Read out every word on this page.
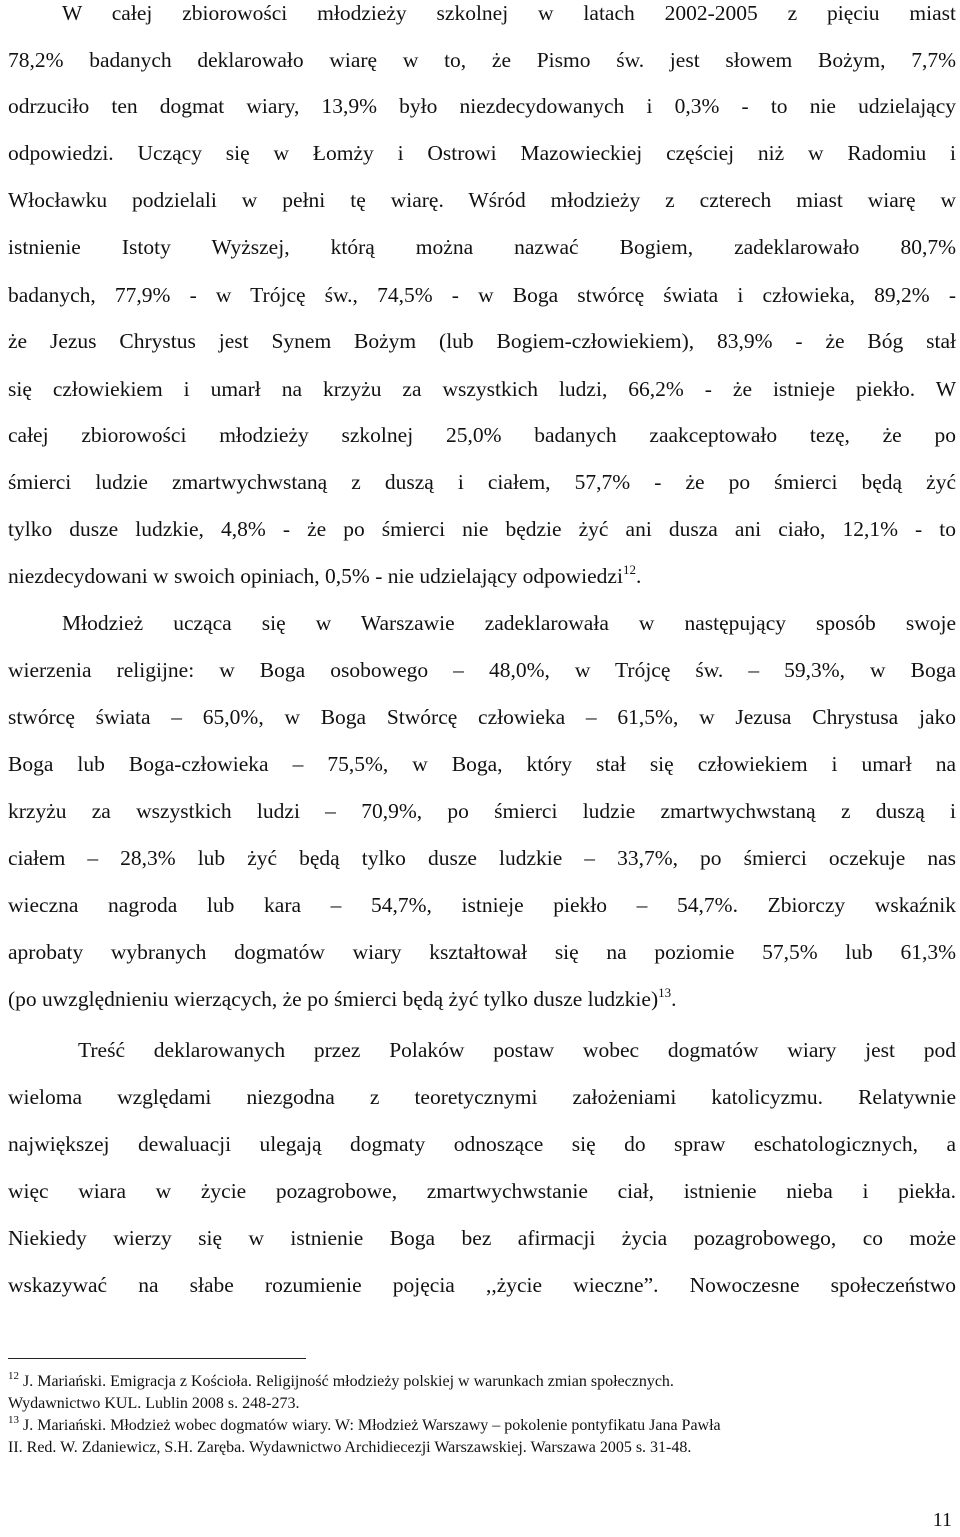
W całej zbiorowości młodzieży szkolnej w latach 2002-2005 z pięciu miast

78,2% badanych deklarowało wiarę w to, że Pismo św. jest słowem Bożym, 7,7%

odrzuciło ten dogmat wiary, 13,9% było niezdecydowanych i 0,3% - to nie udzielający

odpowiedzi. Uczący się w Łomży i Ostrowi Mazowieckiej częściej niż w Radomiu i

Włocławku podzielali w pełni tę wiarę. Wśród młodzieży z czterech miast wiarę w

istnienie Istoty Wyższej, którą można nazwać Bogiem, zadeklarowało 80,7%

badanych, 77,9% - w Trójcę św., 74,5% - w Boga stwórcę świata i człowieka, 89,2% -

że Jezus Chrystus jest Synem Bożym (lub Bogiem-człowiekiem), 83,9% - że Bóg stał

się człowiekiem i umarł na krzyżu za wszystkich ludzi, 66,2% - że istnieje piekło. W

całej zbiorowości młodzieży szkolnej 25,0% badanych zaakceptowało tezę, że po

śmierci ludzie zmartwychwstaną z duszą i ciałem, 57,7% - że po śmierci będą żyć

tylko dusze ludzkie, 4,8% - że po śmierci nie będzie żyć ani dusza ani ciało, 12,1% - to

niezdecydowani w swoich opiniach, 0,5% - nie udzielający odpowiedzi$^{12}$.

Młodzież ucząca się w Warszawie zadeklarowała w następujący sposób swoje

wierzenia religijne: w Boga osobowego – 48,0%, w Trójcę św. – 59,3%, w Boga

stwórcę świata – 65,0%, w Boga Stwórcę człowieka – 61,5%, w Jezusa Chrystusa jako

Boga lub Boga-człowieka – 75,5%, w Boga, który stał się człowiekiem i umarł na

krzyżu za wszystkich ludzi – 70,9%, po śmierci ludzie zmartwychwstaną z duszą i

ciałem – 28,3% lub żyć będą tylko dusze ludzkie – 33,7%, po śmierci oczekuje nas

wieczna nagroda lub kara – 54,7%, istnieje piekło – 54,7%. Zbiorczy wskaźnik

aprobaty wybranych dogmatów wiary kształtował się na poziomie 57,5% lub 61,3%

(po uwzględnieniu wierzących, że po śmierci będą żyć tylko dusze ludzkie)$^{13}$.

Treść deklarowanych przez Polaków postaw wobec dogmatów wiary jest pod

wieloma względami niezgodna z teoretycznymi założeniami katolicyzmu. Relatywnie

największej dewaluacji ulegają dogmaty odnoszące się do spraw eschatologicznych, a

więc wiara w życie pozagrobowe, zmartwychwstanie ciał, istnienie nieba i piekła.

Niekiedy wierzy się w istnienie Boga bez afirmacji życia pozagrobowego, co może

wskazywać na słabe rozumienie pojęcia ,,życie wieczne”. Nowoczesne społeczeństwo

$^{12}$ J. Mariański. Emigracja z Kościoła. Religijność młodzieży polskiej w warunkach zmian społecznych.

Wydawnictwo KUL. Lublin 2008 s. 248-273.

$^{13}$ J. Mariański. Młodzież wobec dogmatów wiary. W: Młodzież Warszawy – pokolenie pontyfikatu Jana Pawła

II. Red. W. Zdaniewicz, S.H. Zaręba. Wydawnictwo Archidiecezji Warszawskiej. Warszawa 2005 s. 31-48.

11
